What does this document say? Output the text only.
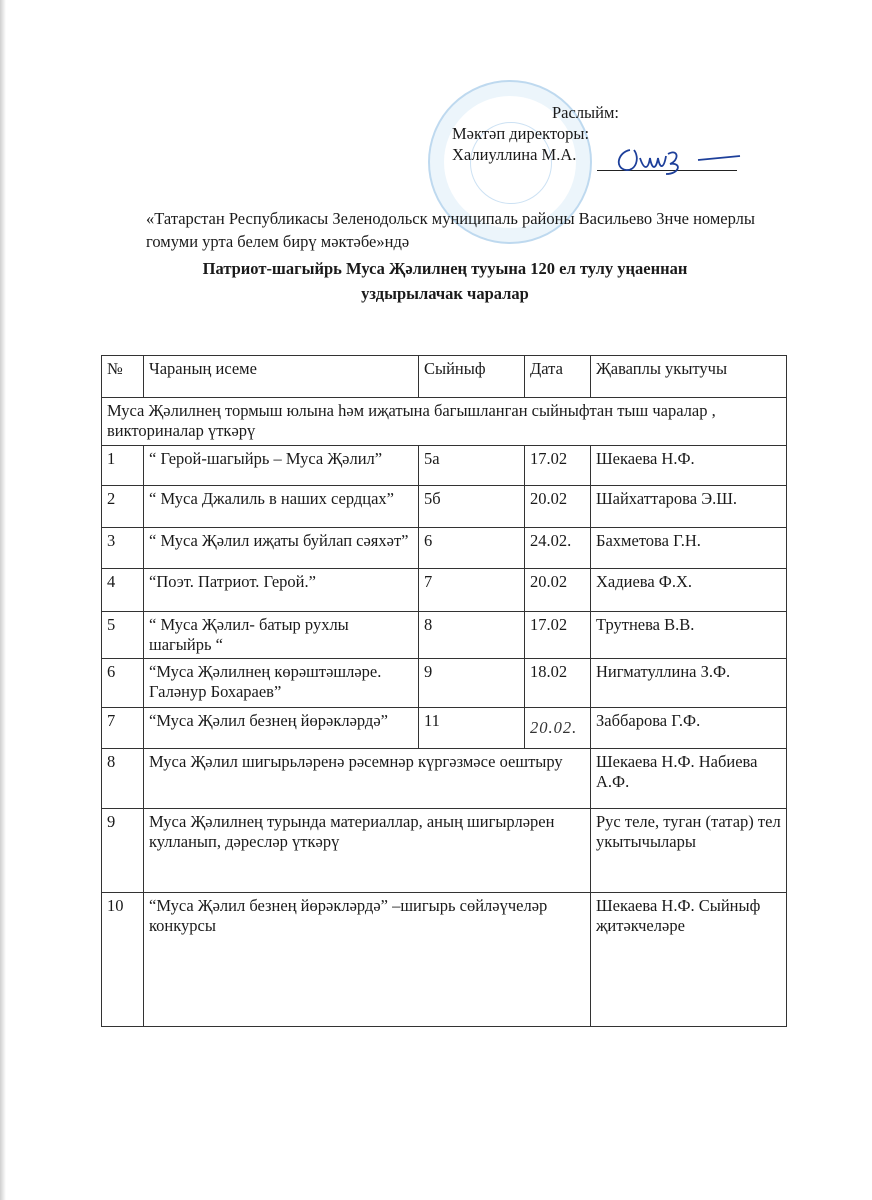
Раслыйм:
Мәктәп директоры:
Халиуллина М.А.
«Татарстан Республикасы Зеленодольск муниципаль районы Васильево 3нче номерлы гомуми урта белем бирү мәктәбе»ндә
Патриот-шагыйрь Муса Җәлилнең тууына 120 ел тулу уңаеннан
уздырылачак чаралар
№	Чараның исеме	Сыйныф	Дата	Җаваплы укытучы
Муса Җәлилнең тормыш юлына һәм иҗатына багышланган сыйныфтан тыш чаралар , викториналар үткәрү				
1	“ Герой-шагыйрь – Муса Җәлил”	5а	17.02	Шекаева Н.Ф.
2	“ Муса Джалиль в наших сердцах”	5б	20.02	Шайхаттарова Э.Ш.
3	“ Муса Җәлил иҗаты буйлап сәяхәт”	6	24.02.	Бахметова Г.Н.
4	“Поэт. Патриот. Герой.”	7	20.02	Хадиева Ф.Х.
5	“ Муса Җәлил- батыр рухлы шагыйрь “	8	17.02	Трутнева В.В.
6	“Муса Җәлилнең көрәштәшләре. Галәнур Бохараев”	9	18.02	Нигматуллина З.Ф.
7	“Муса Җәлил безнең йөрәкләрдә”	11	20.02.	Заббарова Г.Ф.
8	Муса Җәлил шигырьләренә рәсемнәр күргәзмәсе оештыру			Шекаева Н.Ф. Набиева А.Ф.
9	Муса Җәлилнең турында материаллар, аның шигырләрен кулланып, дәресләр үткәрү			Рус теле, туган (татар) тел укытычылары
10	“Муса Җәлил безнең йөрәкләрдә” –шигырь сөйләүчеләр конкурсы			Шекаева Н.Ф. Сыйныф җитәкчеләре
